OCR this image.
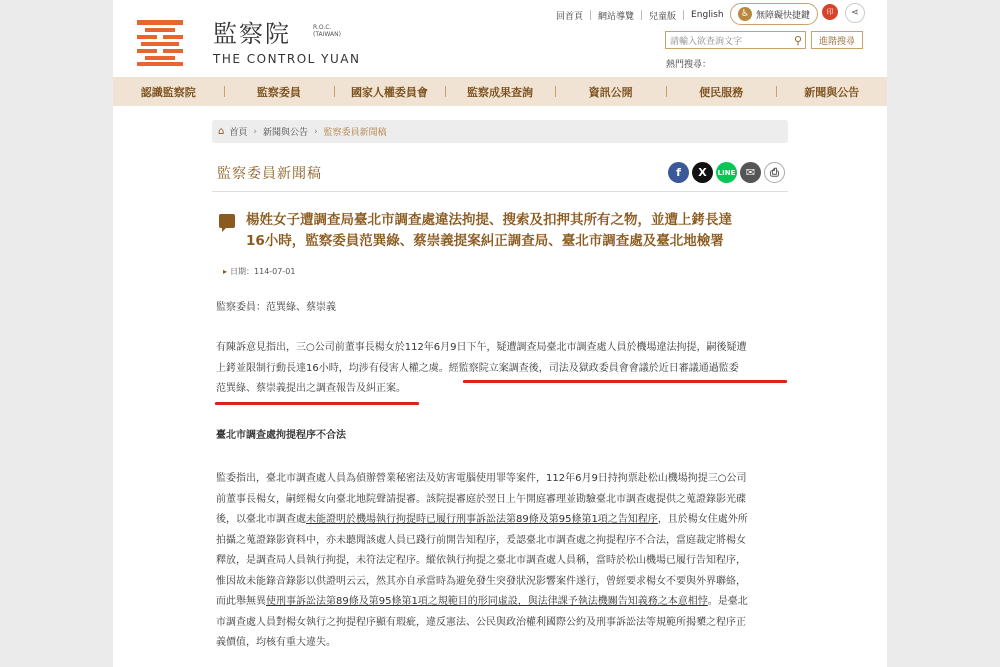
監察院	R.O.C.
(TAIWAN)
THE CONTROL YUAN
回首頁 網站導覽 兒童版 English	♿ 無障礙快捷鍵	印	⋖
請輸入欲查詢文字	⚲	進階搜尋
熱門搜尋：
認識監察院	監察委員	國家人權委員會	監察成果查詢	資訊公開	便民服務	新聞與公告
⌂ 首頁 › 新聞與公告 › 監察委員新聞稿
監察委員新聞稿	f	X	LINE ✉	⎙
楊姓女子遭調查局臺北市調查處違法拘提、搜索及扣押其所有之物，並遭上銬長達
16小時，監察委員范巽綠、蔡崇義提案糾正調查局、臺北市調查處及臺北地檢署
▸ 日期：114-07-01
監察委員：范巽綠、蔡崇義
有陳訴意見指出，三○公司前董事長楊女於112年6月9日下午，疑遭調查局臺北市調查處人員於機場違法拘提，嗣後疑遭
上銬並限制行動長達16小時，均涉有侵害人權之虞。經監察院立案調查後，司法及獄政委員會會議於近日審議通過監委
范巽綠、蔡崇義提出之調查報告及糾正案。
臺北市調查處拘提程序不合法
監委指出，臺北市調查處人員為偵辦營業秘密法及妨害電腦使用罪等案件，112年6月9日持拘票赴松山機場拘提三○公司
前董事長楊女，嗣經楊女向臺北地院聲請提審。該院提審庭於翌日上午開庭審理並勘驗臺北市調查處提供之蒐證錄影光碟
後，以臺北市調查處未能證明於機場執行拘提時已履行刑事訴訟法第89條及第95條第1項之告知程序，且於楊女住處外所
拍攝之蒐證錄影資料中，亦未聽聞該處人員已踐行前開告知程序，爰認臺北市調查處之拘提程序不合法，當庭裁定將楊女
釋放，是調查局人員執行拘提，未符法定程序。縱依執行拘提之臺北市調查處人員稱，當時於松山機場已履行告知程序，
惟因故未能錄音錄影以供證明云云，然其亦自承當時為避免發生突發狀況影響案件遂行，曾經要求楊女不要與外界聯絡，
而此舉無異使刑事訴訟法第89條及第95條第1項之規範目的形同虛設，與法律課予執法機關告知義務之本意相悖。是臺北
市調查處人員對楊女執行之拘提程序顯有瑕疵，違反憲法、公民與政治權利國際公約及刑事訴訟法等規範所揭櫫之程序正
義價值，均核有重大違失。
